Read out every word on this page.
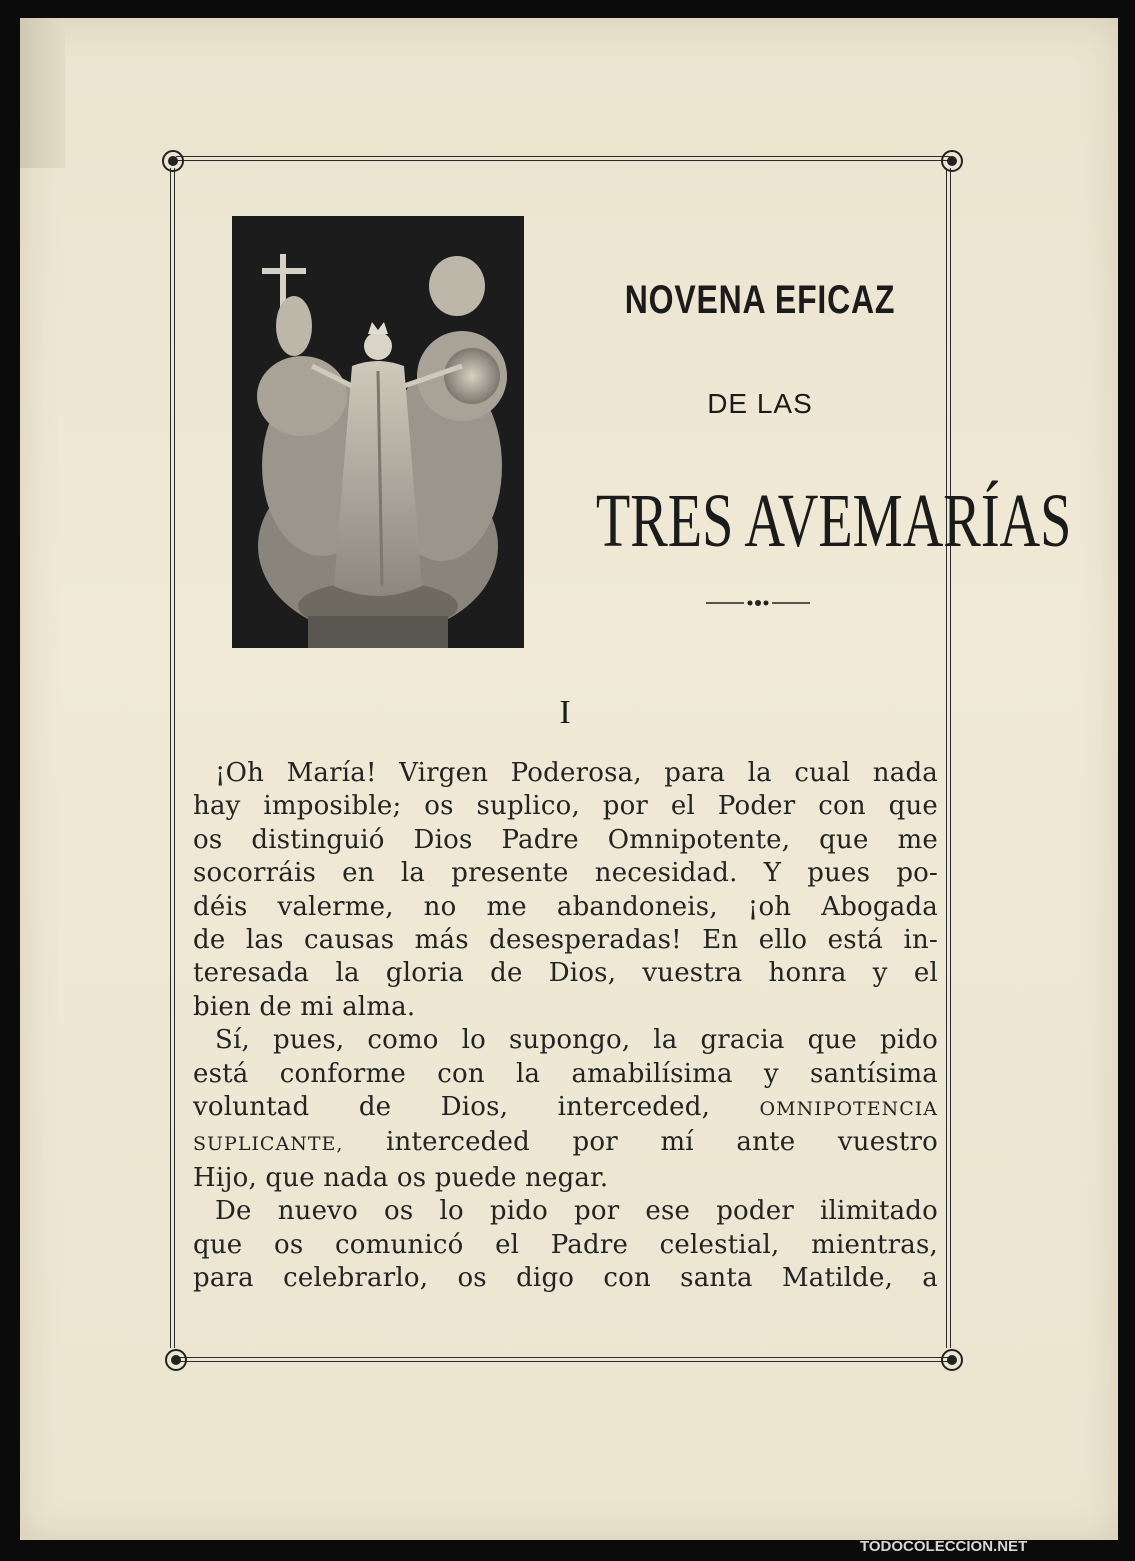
NOVENA EFICAZ
DE LAS
TRES AVEMARÍAS
I
¡Oh María! Virgen Poderosa, para la cual nada
hay imposible; os suplico, por el Poder con que
os distinguió Dios Padre Omnipotente, que me
socorráis en la presente necesidad. Y pues po-
déis valerme, no me abandoneis, ¡oh Abogada
de las causas más desesperadas! En ello está in-
teresada la gloria de Dios, vuestra honra y el
bien de mi alma.
Sí, pues, como lo supongo, la gracia que pido
está conforme con la amabilísima y santísima
voluntad de Dios, interceded,	OMNIPOTENCIA
SUPLICANTE, interceded por mí ante vuestro
Hijo, que nada os puede negar.
De nuevo os lo pido por ese poder ilimitado
que os comunicó el Padre celestial, mientras,
para celebrarlo, os digo con santa Matilde, a
TODOCOLECCION.NET
